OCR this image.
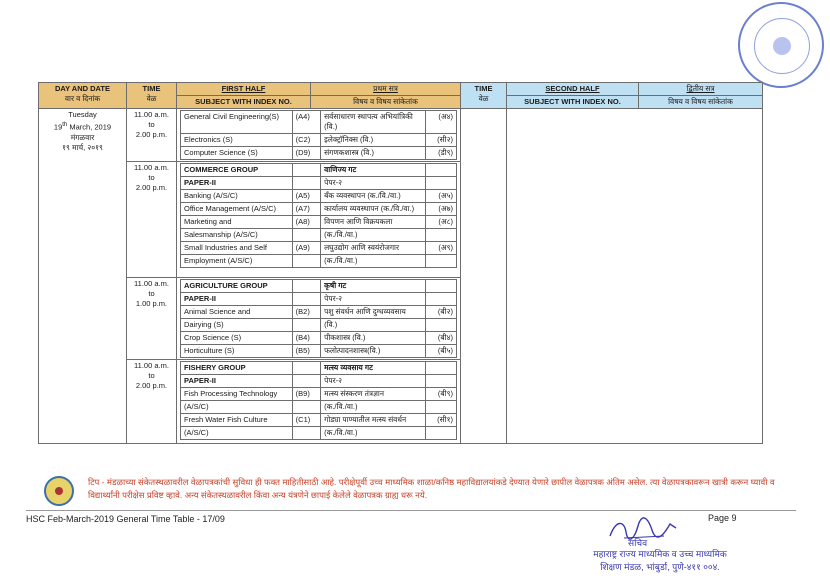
DAY AND DATE
वार व दिनांक

TIME
वेळ

FIRST HALF	प्रथम सत्र	TIME
वेळ

SECOND HALF	द्वितीय सत्र

SUBJECT WITH INDEX NO.	विषय व विषय सांकेतांक	SUBJECT WITH INDEX NO.	विषय व विषय सांकेतांक

Tuesday
19th March, 2019
मंगळवार
१९ मार्च, २०१९

11.00 a.m.
to
2.00 p.m.

General Civil Engineering(S)	(A4)	सर्वसाधारण स्थापत्य अभियांत्रिकी (वि.)	(अ४)
Electronics (S)	(C2)	इलेक्ट्रॉनिक्स (वि.)	(सी२)
Computer Science (S)	(D9)	संगणकशास्त्र (वि.)	(डी९)

11.00 a.m.
to
2.00 p.m.

COMMERCE GROUP		वाणिज्य गट	
PAPER-II		पेपर-२	
Banking (A/S/C)	(A5)	बँक व्यवस्थापन (क./वि./वा.)	(अ५)
Office Management (A/S/C)	(A7)	कार्यालय व्यवस्थापन (क./वि./वा.)	(अ७)
Marketing and	(A8)	विपणन आणि विक्रयकला	(अ८)
Salesmanship (A/S/C)		(क./वि./वा.)	
Small Industries and Self	(A9)	लघुउद्योग आणि स्वयंरोजगार	(अ९)
Employment (A/S/C)		(क./वि./वा.)	

11.00 a.m.
to
1.00 p.m.

AGRICULTURE GROUP		कृषी गट	
PAPER-II		पेपर-२	
Animal Science and	(B2)	पशु संवर्धन आणि दुग्धव्यवसाय	(बी२)
Dairying (S)		(वि.)	
Crop Science (S)	(B4)	पीकशास्त्र (वि.)	(बी४)
Horticulture (S)	(B5)	फलोत्पादनशास्त्र(वि.)	(बी५)

11.00 a.m.
to
2.00 p.m.

FISHERY GROUP		मत्स्य व्यवसाय गट	
PAPER-II		पेपर-२	
Fish Processing Technology	(B9)	मत्स्य संस्करण तंत्रज्ञान	(बी९)
(A/S/C)		(क./वि./वा.)	
Fresh Water Fish Culture	(C1)	गोड्या पाण्यातील मत्स्य संवर्धन	(सी१)
(A/S/C)		(क./वि./वा.)	
टिप - मंडळाच्या संकेतस्थळावरील वेळापत्रकांची सुविधा ही फक्त माहितीसाठी आहे. परीक्षेपूर्वी उच्च माध्यमिक शाळा/कनिष्ठ महाविद्यालयांकडे देण्यात येणारे छापील वेळापत्रक अंतिम असेल. त्या वेळापत्रकावरून खात्री करून घ्यावी व विद्यार्थ्यांनी परीक्षेस प्रविष्ट व्हावे. अन्य संकेतस्थळावरील किंवा अन्य यंत्रणेने छापाई केलेले वेळापत्रक ग्राह्य धरू नये.
HSC Feb-March-2019 General Time Table - 17/09	Page 9
सचिव
महाराष्ट्र राज्य माध्यमिक व उच्च माध्यमिक
शिक्षण मंडळ, भांबुर्डा, पुणे-४११ ००४.
